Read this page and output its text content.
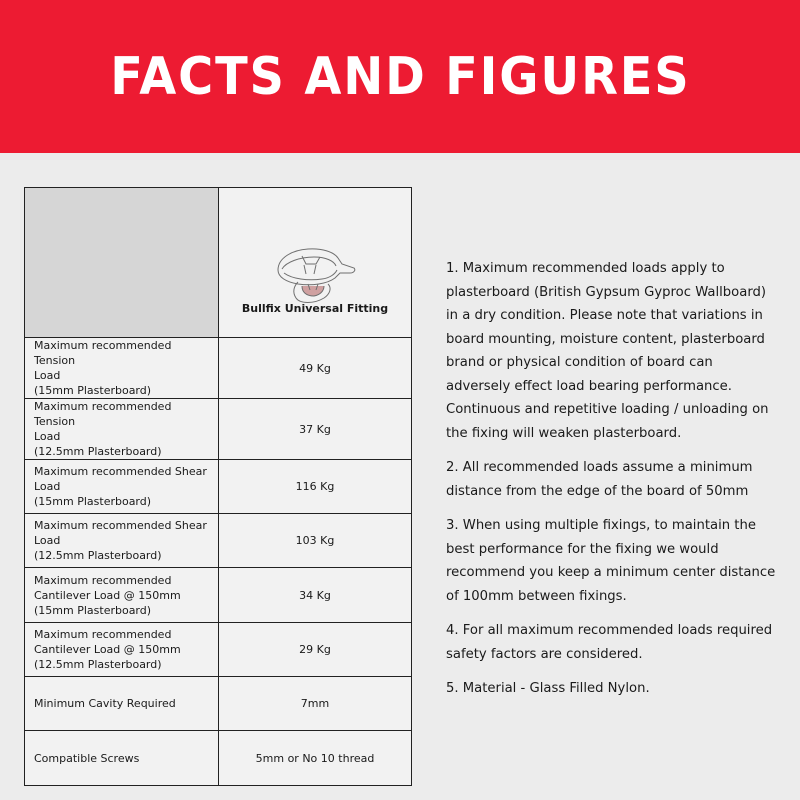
FACTS AND FIGURES

	Bullfix Universal Fitting

Maximum recommended Tension
Load
(15mm Plasterboard)	49 Kg

Maximum recommended Tension
Load
(12.5mm Plasterboard)	37 Kg

Maximum recommended Shear
Load
(15mm Plasterboard)	116 Kg

Maximum recommended Shear
Load
(12.5mm Plasterboard)	103 Kg

Maximum recommended
Cantilever Load @ 150mm
(15mm Plasterboard)	34 Kg

Maximum recommended
Cantilever Load @ 150mm
(12.5mm Plasterboard)	29 Kg

Minimum Cavity Required	7mm

Compatible Screws	5mm or No 10 thread

1. Maximum recommended loads apply to plasterboard (British Gypsum Gyproc Wallboard) in a dry condition. Please note that variations in board mounting, moisture content, plasterboard brand or physical condition of board can adversely effect load bearing performance. Continuous and repetitive loading / unloading on the fixing will weaken plasterboard.

2. All recommended loads assume a minimum distance from the edge of the board of 50mm

3. When using multiple fixings, to maintain the best performance for the fixing we would recommend you keep a minimum center distance of 100mm between fixings.

4. For all maximum recommended loads required safety factors are considered.

5. Material - Glass Filled Nylon.
